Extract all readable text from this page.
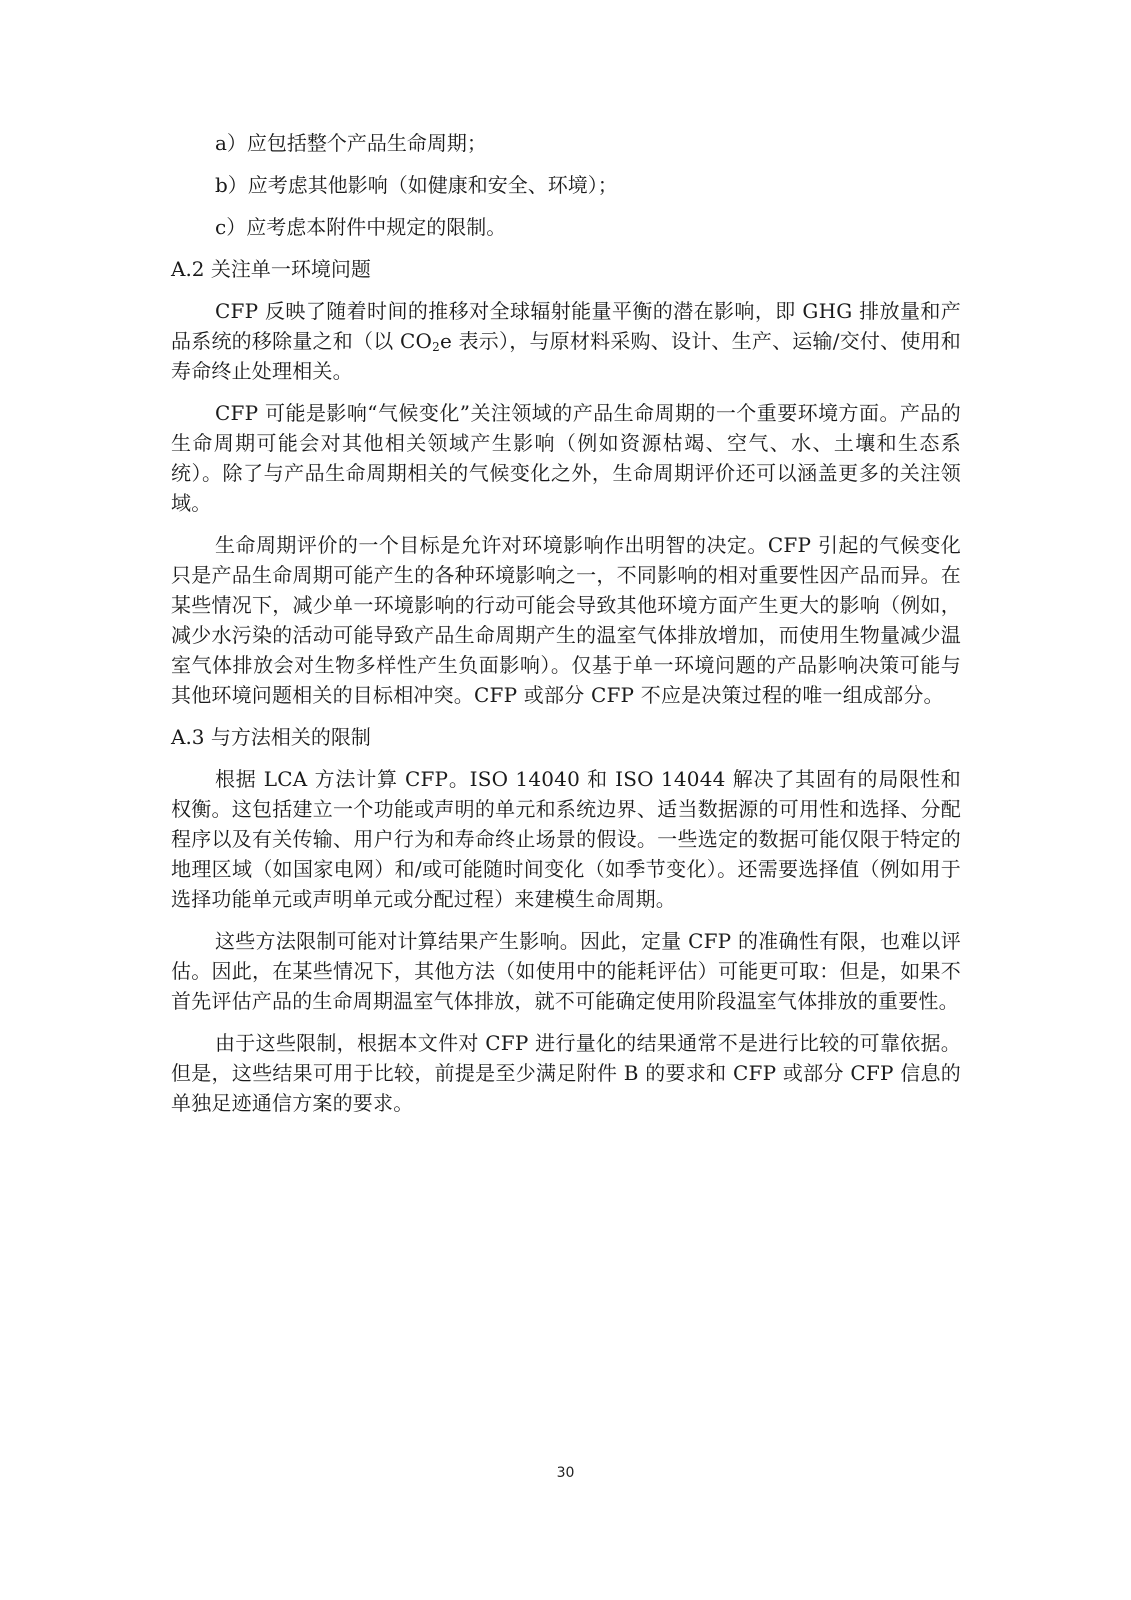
a）应包括整个产品生命周期；
b）应考虑其他影响（如健康和安全、环境）；
c）应考虑本附件中规定的限制。
A.2 关注单一环境问题

CFP 反映了随着时间的推移对全球辐射能量平衡的潜在影响，即 GHG 排放量和产品系统的移除量之和（以 $CO_2e$ 表示），与原材料采购、设计、生产、运输/交付、使用和寿命终止处理相关。

CFP 可能是影响“气候变化”关注领域的产品生命周期的一个重要环境方面。产品的生命周期可能会对其他相关领域产生影响（例如资源枯竭、空气、水、土壤和生态系统）。除了与产品生命周期相关的气候变化之外，生命周期评价还可以涵盖更多的关注领域。

生命周期评价的一个目标是允许对环境影响作出明智的决定。CFP 引起的气候变化只是产品生命周期可能产生的各种环境影响之一，不同影响的相对重要性因产品而异。在某些情况下，减少单一环境影响的行动可能会导致其他环境方面产生更大的影响（例如，减少水污染的活动可能导致产品生命周期产生的温室气体排放增加，而使用生物量减少温室气体排放会对生物多样性产生负面影响）。仅基于单一环境问题的产品影响决策可能与其他环境问题相关的目标相冲突。CFP 或部分 CFP 不应是决策过程的唯一组成部分。

A.3 与方法相关的限制

根据 LCA 方法计算 CFP。ISO 14040 和 ISO 14044 解决了其固有的局限性和权衡。这包括建立一个功能或声明的单元和系统边界、适当数据源的可用性和选择、分配程序以及有关传输、用户行为和寿命终止场景的假设。一些选定的数据可能仅限于特定的地理区域（如国家电网）和/或可能随时间变化（如季节变化）。还需要选择值（例如用于选择功能单元或声明单元或分配过程）来建模生命周期。

这些方法限制可能对计算结果产生影响。因此，定量 CFP 的准确性有限，也难以评估。因此，在某些情况下，其他方法（如使用中的能耗评估）可能更可取：但是，如果不首先评估产品的生命周期温室气体排放，就不可能确定使用阶段温室气体排放的重要性。

由于这些限制，根据本文件对 CFP 进行量化的结果通常不是进行比较的可靠依据。但是，这些结果可用于比较，前提是至少满足附件 B 的要求和 CFP 或部分 CFP 信息的单独足迹通信方案的要求。

30
